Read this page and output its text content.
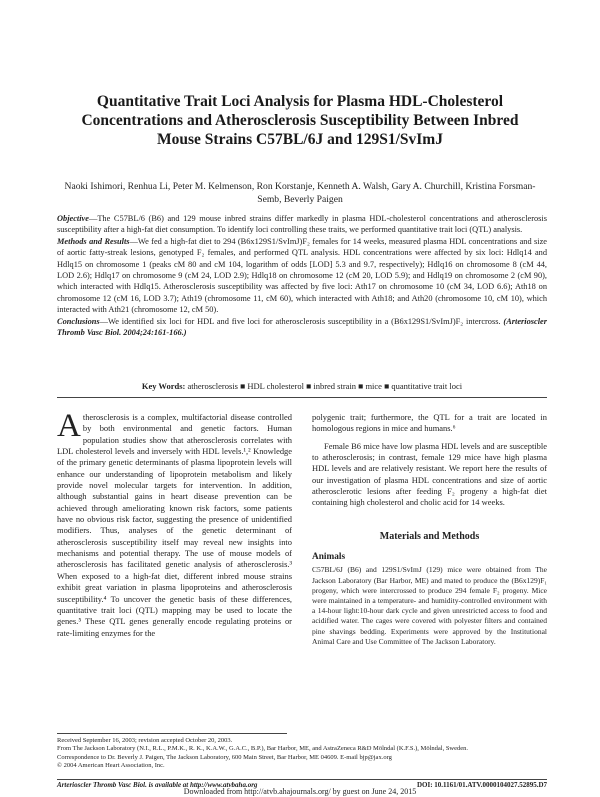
Quantitative Trait Loci Analysis for Plasma HDL-Cholesterol Concentrations and Atherosclerosis Susceptibility Between Inbred Mouse Strains C57BL/6J and 129S1/SvImJ
Naoki Ishimori, Renhua Li, Peter M. Kelmenson, Ron Korstanje, Kenneth A. Walsh, Gary A. Churchill, Kristina Forsman-Semb, Beverly Paigen

Objective—The C57BL/6 (B6) and 129 mouse inbred strains differ markedly in plasma HDL-cholesterol concentrations and atherosclerosis susceptibility after a high-fat diet consumption. To identify loci controlling these traits, we performed quantitative trait loci (QTL) analysis.

Methods and Results—We fed a high-fat diet to 294 (B6x129S1/SvImJ)F₂ females for 14 weeks, measured plasma HDL concentrations and size of aortic fatty-streak lesions, genotyped F₂ females, and performed QTL analysis. HDL concentrations were affected by six loci: Hdlq14 and Hdlq15 on chromosome 1 (peaks cM 80 and cM 104, logarithm of odds [LOD] 5.3 and 9.7, respectively); Hdlq16 on chromosome 8 (cM 44, LOD 2.6); Hdlq17 on chromosome 9 (cM 24, LOD 2.9); Hdlq18 on chromosome 12 (cM 20, LOD 5.9); and Hdlq19 on chromosome 2 (cM 90), which interacted with Hdlq15. Atherosclerosis susceptibility was affected by five loci: Ath17 on chromosome 10 (cM 34, LOD 6.6); Ath18 on chromosome 12 (cM 16, LOD 3.7); Ath19 (chromosome 11, cM 60), which interacted with Ath18; and Ath20 (chromosome 10, cM 10), which interacted with Ath21 (chromosome 12, cM 50).

Conclusions—We identified six loci for HDL and five loci for atherosclerosis susceptibility in a (B6x129S1/SvImJ)F₂ intercross. (Arterioscler Thromb Vasc Biol. 2004;24:161-166.)

Key Words: atherosclerosis ■ HDL cholesterol ■ inbred strain ■ mice ■ quantitative trait loci

Atherosclerosis is a complex, multifactorial disease controlled by both environmental and genetic factors. Human population studies show that atherosclerosis correlates with LDL cholesterol levels and inversely with HDL levels.¹,² Knowledge of the primary genetic determinants of plasma lipoprotein levels will enhance our understanding of lipoprotein metabolism and likely provide novel molecular targets for intervention. In addition, although substantial gains in heart disease prevention can be achieved through ameliorating known risk factors, some patients have no obvious risk factor, suggesting the presence of unidentified modifiers. Thus, analyses of the genetic determinant of atherosclerosis susceptibility itself may reveal new insights into mechanisms and potential therapy. The use of mouse models of atherosclerosis has facilitated genetic analysis of atherosclerosis.³ When exposed to a high-fat diet, different inbred mouse strains exhibit great variation in plasma lipoproteins and atherosclerosis susceptibility.⁴ To uncover the genetic basis of these differences, quantitative trait loci (QTL) mapping may be used to locate the genes.⁵ These QTL genes generally encode regulating proteins or rate-limiting enzymes for the

polygenic trait; furthermore, the QTL for a trait are located in homologous regions in mice and humans.⁶

Female B6 mice have low plasma HDL levels and are susceptible to atherosclerosis; in contrast, female 129 mice have high plasma HDL levels and are relatively resistant. We report here the results of our investigation of plasma HDL concentrations and size of aortic atherosclerotic lesions after feeding F₂ progeny a high-fat diet containing high cholesterol and cholic acid for 14 weeks.

Materials and Methods
Animals

C57BL/6J (B6) and 129S1/SvImJ (129) mice were obtained from The Jackson Laboratory (Bar Harbor, ME) and mated to produce the (B6x129)F₁ progeny, which were intercrossed to produce 294 female F₂ progeny. Mice were maintained in a temperature- and humidity-controlled environment with a 14-hour light:10-hour dark cycle and given unrestricted access to food and acidified water. The cages were covered with polyester filters and contained pine shavings bedding. Experiments were approved by the Institutional Animal Care and Use Committee of The Jackson Laboratory.

Received September 16, 2003; revision accepted October 20, 2003.

From The Jackson Laboratory (N.I., R.L., P.M.K., R. K., K.A.W., G.A.C., B.P.), Bar Harbor, ME, and AstraZeneca R&D Mölndal (K.F.S.), Mölndal, Sweden.

Correspondence to Dr. Beverly J. Paigen, The Jackson Laboratory, 600 Main Street, Bar Harbor, ME 04609. E-mail bjp@jax.org

© 2004 American Heart Association, Inc.

Arterioscler Thromb Vasc Biol. is available at http://www.atvbaha.org	DOI: 10.1161/01.ATV.0000104027.52895.D7
Downloaded from http://atvb.ahajournals.org/ by guest on June 24, 2015
